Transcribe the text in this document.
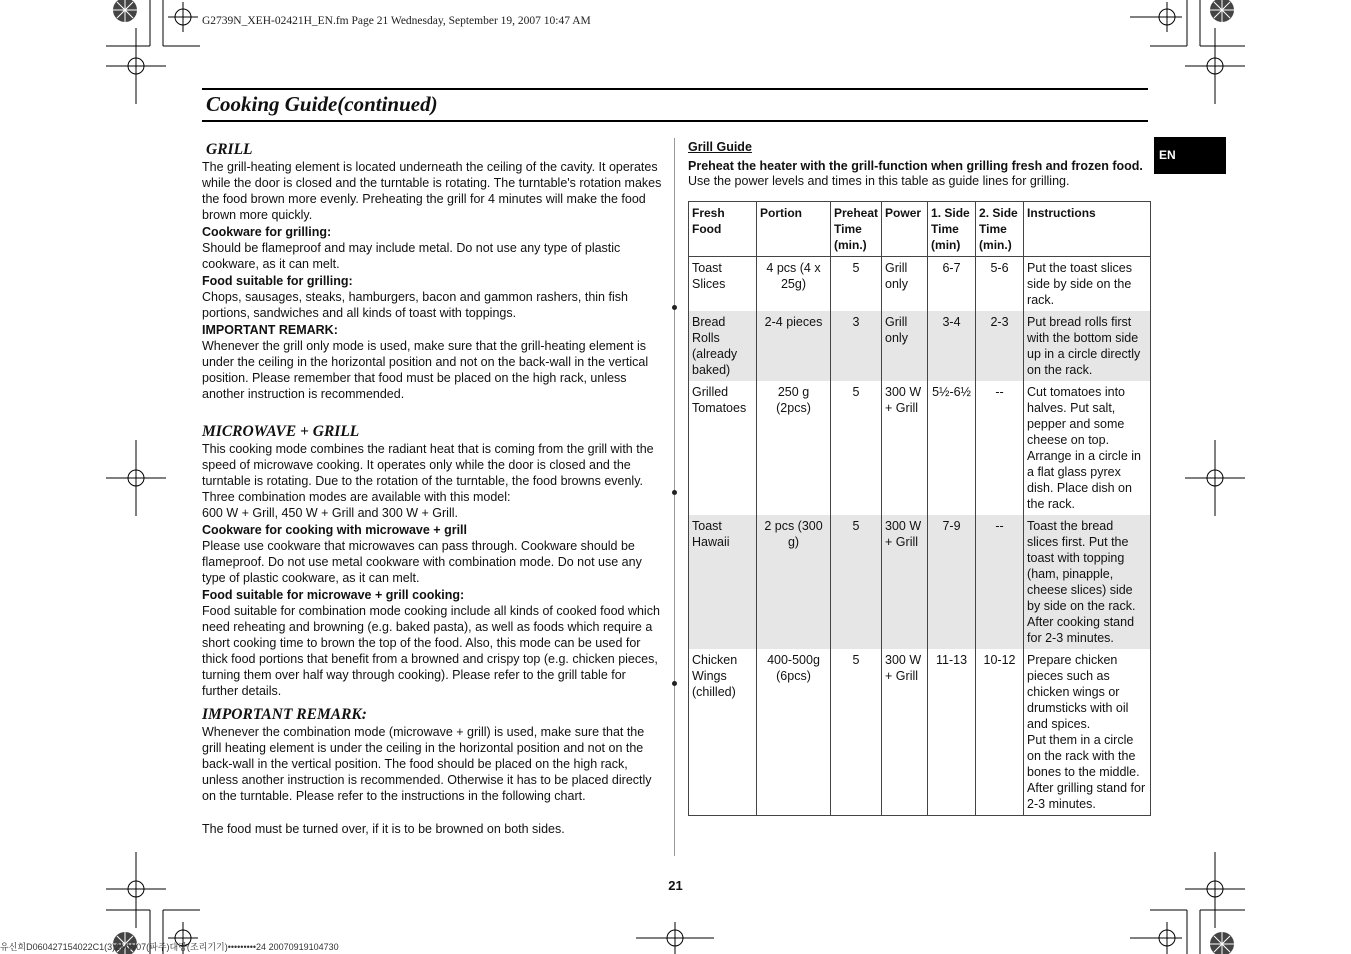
G2739N_XEH-02421H_EN.fm Page 21 Wednesday, September 19, 2007 10:47 AM
Cooking Guide(continued)
GRILL

The grill-heating element is located underneath the ceiling of the cavity. It operates while the door is closed and the turntable is rotating. The turntable's rotation makes the food brown more evenly. Preheating the grill for 4 minutes will make the food brown more quickly.

Cookware for grilling:

Should be flameproof and may include metal. Do not use any type of plastic cookware, as it can melt.

Food suitable for grilling:

Chops, sausages, steaks, hamburgers, bacon and gammon rashers, thin fish portions, sandwiches and all kinds of toast with toppings.

IMPORTANT REMARK:

Whenever the grill only mode is used, make sure that the grill-heating element is under the ceiling in the horizontal position and not on the back-wall in the vertical position. Please remember that food must be placed on the high rack, unless another instruction is recommended.

MICROWAVE + GRILL

This cooking mode combines the radiant heat that is coming from the grill with the speed of microwave cooking. It operates only while the door is closed and the turntable is rotating. Due to the rotation of the turntable, the food browns evenly. Three combination modes are available with this model:

600 W + Grill, 450 W + Grill and 300 W + Grill.

Cookware for cooking with microwave + grill

Please use cookware that microwaves can pass through. Cookware should be flameproof. Do not use metal cookware with combination mode. Do not use any type of plastic cookware, as it can melt.

Food suitable for microwave + grill cooking:

Food suitable for combination mode cooking include all kinds of cooked food which need reheating and browning (e.g. baked pasta), as well as foods which require a short cooking time to brown the top of the food. Also, this mode can be used for thick food portions that benefit from a browned and crispy top (e.g. chicken pieces, turning them over half way through cooking). Please refer to the grill table for further details.

IMPORTANT REMARK:

Whenever the combination mode (microwave + grill) is used, make sure that the grill heating element is under the ceiling in the horizontal position and not on the back-wall in the vertical position. The food should be placed on the high rack, unless another instruction is recommended. Otherwise it has to be placed directly on the turntable. Please refer to the instructions in the following chart.

The food must be turned over, if it is to be browned on both sides.

Grill Guide
Preheat the heater with the grill-function when grilling fresh and frozen food.
Use the power levels and times in this table as guide lines for grilling.
Fresh Food	Portion	Preheat Time (min.)	Power	1. Side Time (min)	2. Side Time (min.)	Instructions
Toast Slices	4 pcs (4 x 25g)	5	Grill only	6-7	5-6	Put the toast slices side by side on the rack.
Bread Rolls (already baked)	2-4 pieces	3	Grill only	3-4	2-3	Put bread rolls first with the bottom side up in a circle directly on the rack.
Grilled Tomatoes	250 g (2pcs)	5	300 W + Grill	5½-6½	--	Cut tomatoes into halves. Put salt, pepper and some cheese on top. Arrange in a circle in a flat glass pyrex dish. Place dish on the rack.
Toast Hawaii	2 pcs (300 g)	5	300 W + Grill	7-9	--	Toast the bread slices first. Put the toast with topping (ham, pinapple, cheese slices) side by side on the rack. After cooking stand for 2-3 minutes.
Chicken Wings (chilled)	400-500g (6pcs)	5	300 W + Grill	11-13	10-12	Prepare chicken pieces such as chicken wings or drumsticks with oil and spices.
Put them in a circle on the rack with the bones to the middle. After grilling stand for 2-3 minutes.
EN
21
유신희D060427154022C1(3)2MW07(파주)대량(조리기기)•••••••••24 20070919104730
